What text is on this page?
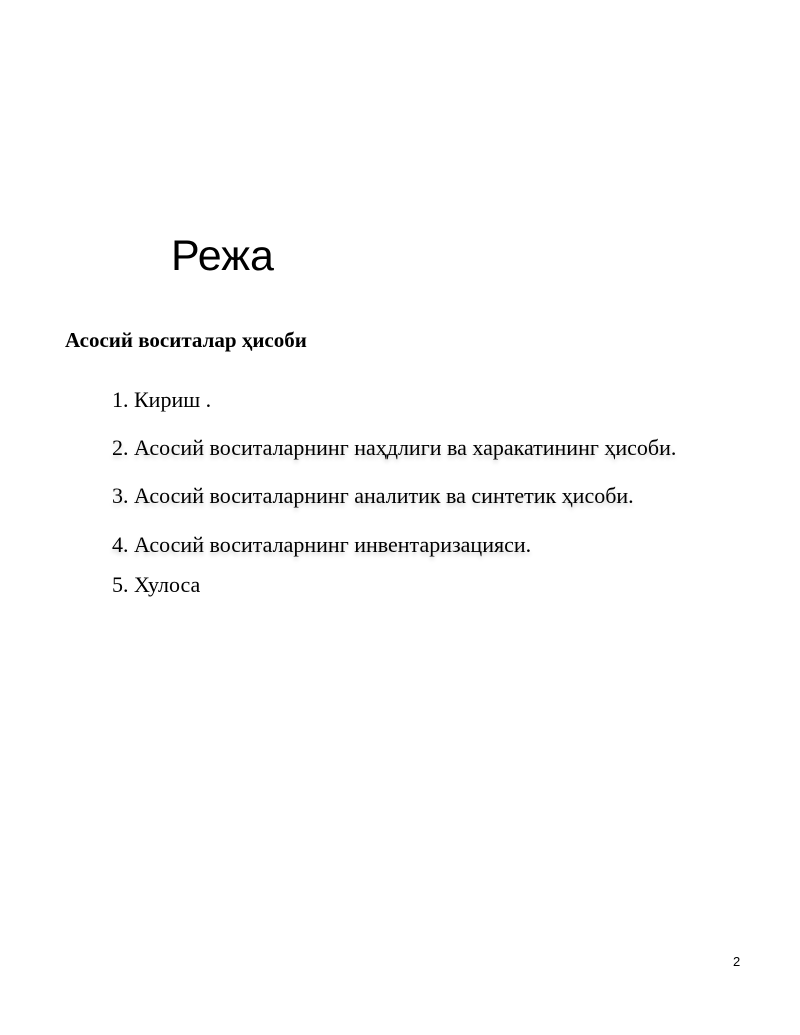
Режа
Асосий воситалар ҳисоби
1. Кириш .
2. Асосий воситаларнинг наҳдлиги ва харакатининг ҳисоби.
3. Асосий воситаларнинг аналитик ва синтетик ҳисоби.
4. Асосий воситаларнинг инвентаризацияси.
5. Хулоса
2
